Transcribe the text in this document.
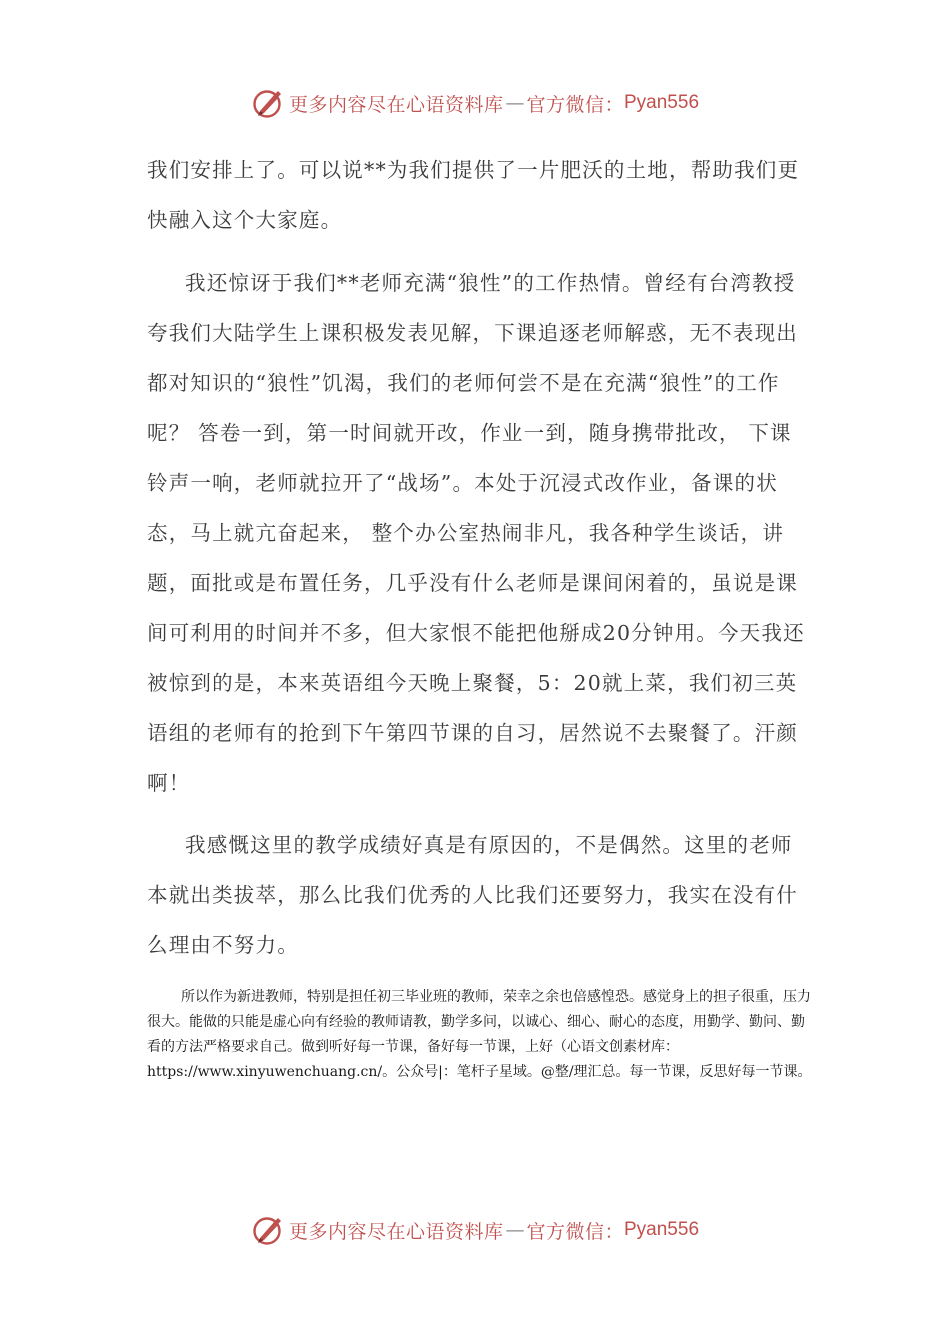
更多内容尽在心语资料库 — 官方微信： Pyan556

我们安排上了。可以说**为我们提供了一片肥沃的土地，帮助我们更快融入这个大家庭。

我还惊讶于我们**老师充满“狼性”的工作热情。曾经有台湾教授夸我们大陆学生上课积极发表见解，下课追逐老师解惑，无不表现出都对知识的“狼性”饥渴，我们的老师何尝不是在充满“狼性”的工作呢？ 答卷一到，第一时间就开改，作业一到，随身携带批改， 下课铃声一响，老师就拉开了“战场”。本处于沉浸式改作业，备课的状态，马上就亢奋起来， 整个办公室热闹非凡，我各种学生谈话，讲题，面批或是布置任务，几乎没有什么老师是课间闲着的，虽说是课间可利用的时间并不多，但大家恨不能把他掰成20分钟用。今天我还被惊到的是，本来英语组今天晚上聚餐，5：20就上菜，我们初三英语组的老师有的抢到下午第四节课的自习，居然说不去聚餐了。汗颜啊！

我感慨这里的教学成绩好真是有原因的，不是偶然。这里的老师本就出类拔萃，那么比我们优秀的人比我们还要努力，我实在没有什么理由不努力。

所以作为新进教师，特别是担任初三毕业班的教师，荣幸之余也倍感惶恐。感觉身上的担子很重，压力很大。能做的只能是虚心向有经验的教师请教，勤学多问，以诚心、细心、耐心的态度，用勤学、勤问、勤看的方法严格要求自己。做到听好每一节课，备好每一节课，上好（心语文创素材库：https://www.xinyuwenchuang.cn/。公众号|：笔杆子星域。@整/理汇总。每一节课，反思好每一节课。

更多内容尽在心语资料库 — 官方微信： Pyan556
